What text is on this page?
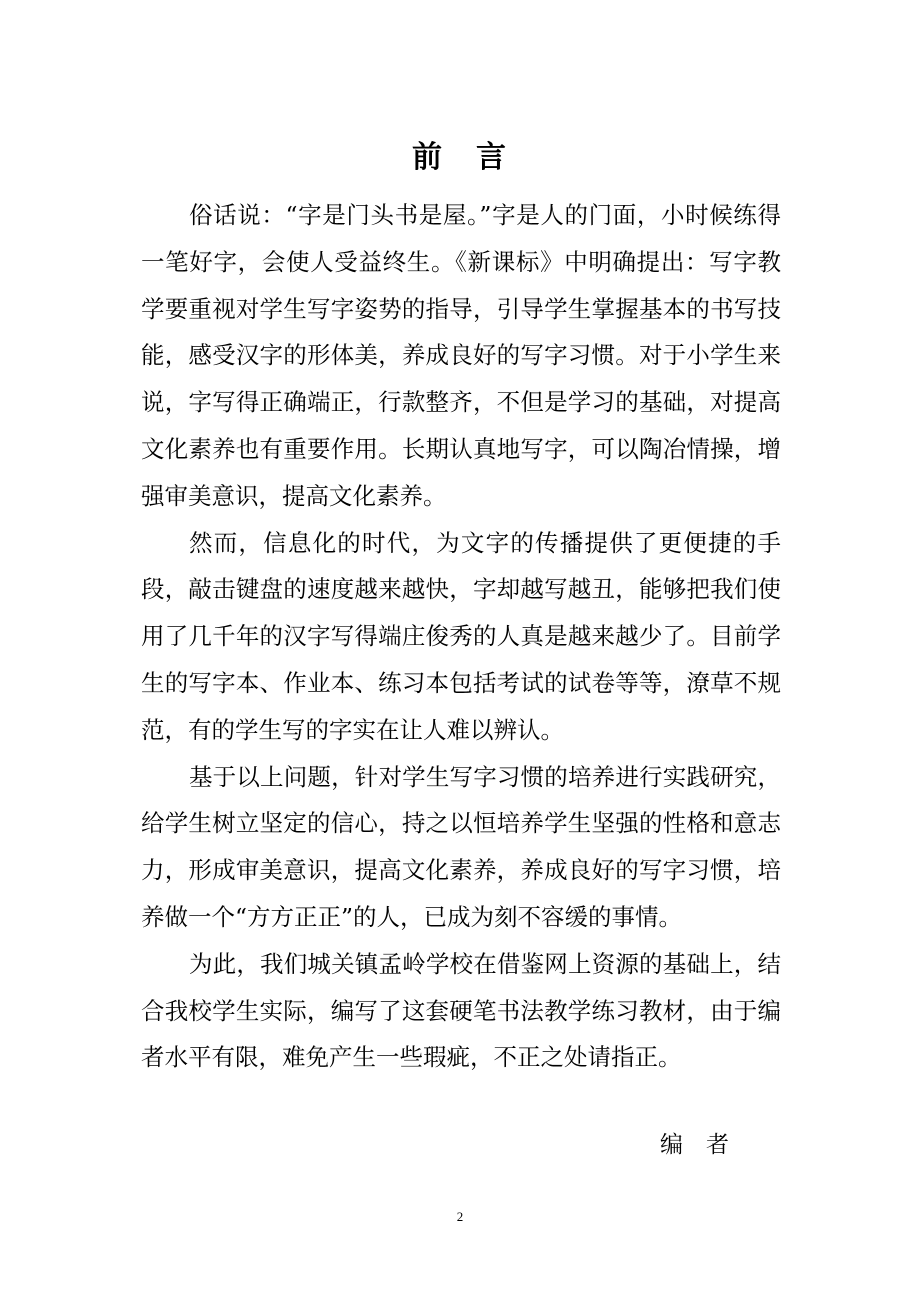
前　言

俗话说：“字是门头书是屋。”字是人的门面，小时候练得一笔好字，会使人受益终生。《新课标》中明确提出：写字教学要重视对学生写字姿势的指导，引导学生掌握基本的书写技能，感受汉字的形体美，养成良好的写字习惯。对于小学生来说，字写得正确端正，行款整齐，不但是学习的基础，对提高文化素养也有重要作用。长期认真地写字，可以陶冶情操，增强审美意识，提高文化素养。

然而，信息化的时代，为文字的传播提供了更便捷的手段，敲击键盘的速度越来越快，字却越写越丑，能够把我们使用了几千年的汉字写得端庄俊秀的人真是越来越少了。目前学生的写字本、作业本、练习本包括考试的试卷等等，潦草不规范，有的学生写的字实在让人难以辨认。

基于以上问题，针对学生写字习惯的培养进行实践研究，给学生树立坚定的信心，持之以恒培养学生坚强的性格和意志力，形成审美意识，提高文化素养，养成良好的写字习惯，培养做一个“方方正正”的人，已成为刻不容缓的事情。

为此，我们城关镇孟岭学校在借鉴网上资源的基础上，结合我校学生实际，编写了这套硬笔书法教学练习教材，由于编者水平有限，难免产生一些瑕疵，不正之处请指正。

编　者
2
